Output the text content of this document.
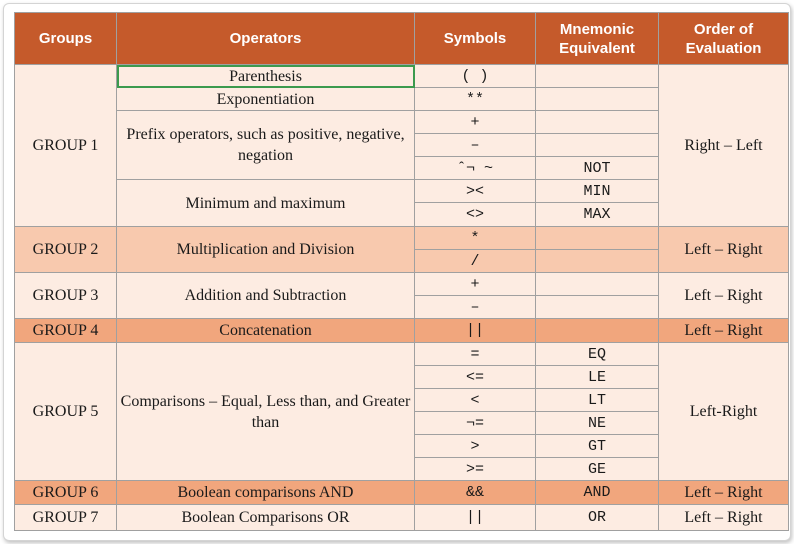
Groups	Operators	Symbols	Mnemonic Equivalent	Order of Evaluation
GROUP 1	Parenthesis	( )		Right – Left
	Exponentiation	**		
	Prefix operators, such as positive, negative, negation	+		
		–		
		ˆ¬ ~	NOT	
	Minimum and maximum	><	MIN	
		<>	MAX	
GROUP 2	Multiplication and Division	*		Left – Right
		/		
GROUP 3	Addition and Subtraction	+		Left – Right
		–		
GROUP 4	Concatenation	||		Left – Right
GROUP 5	Comparisons – Equal, Less than, and Greater than	=	EQ	Left-Right
		<=	LE	
		<	LT	
		¬=	NE	
		>	GT	
		>=	GE	
GROUP 6	Boolean comparisons AND	&&	AND	Left – Right
GROUP 7	Boolean Comparisons OR	||	OR	Left – Right
